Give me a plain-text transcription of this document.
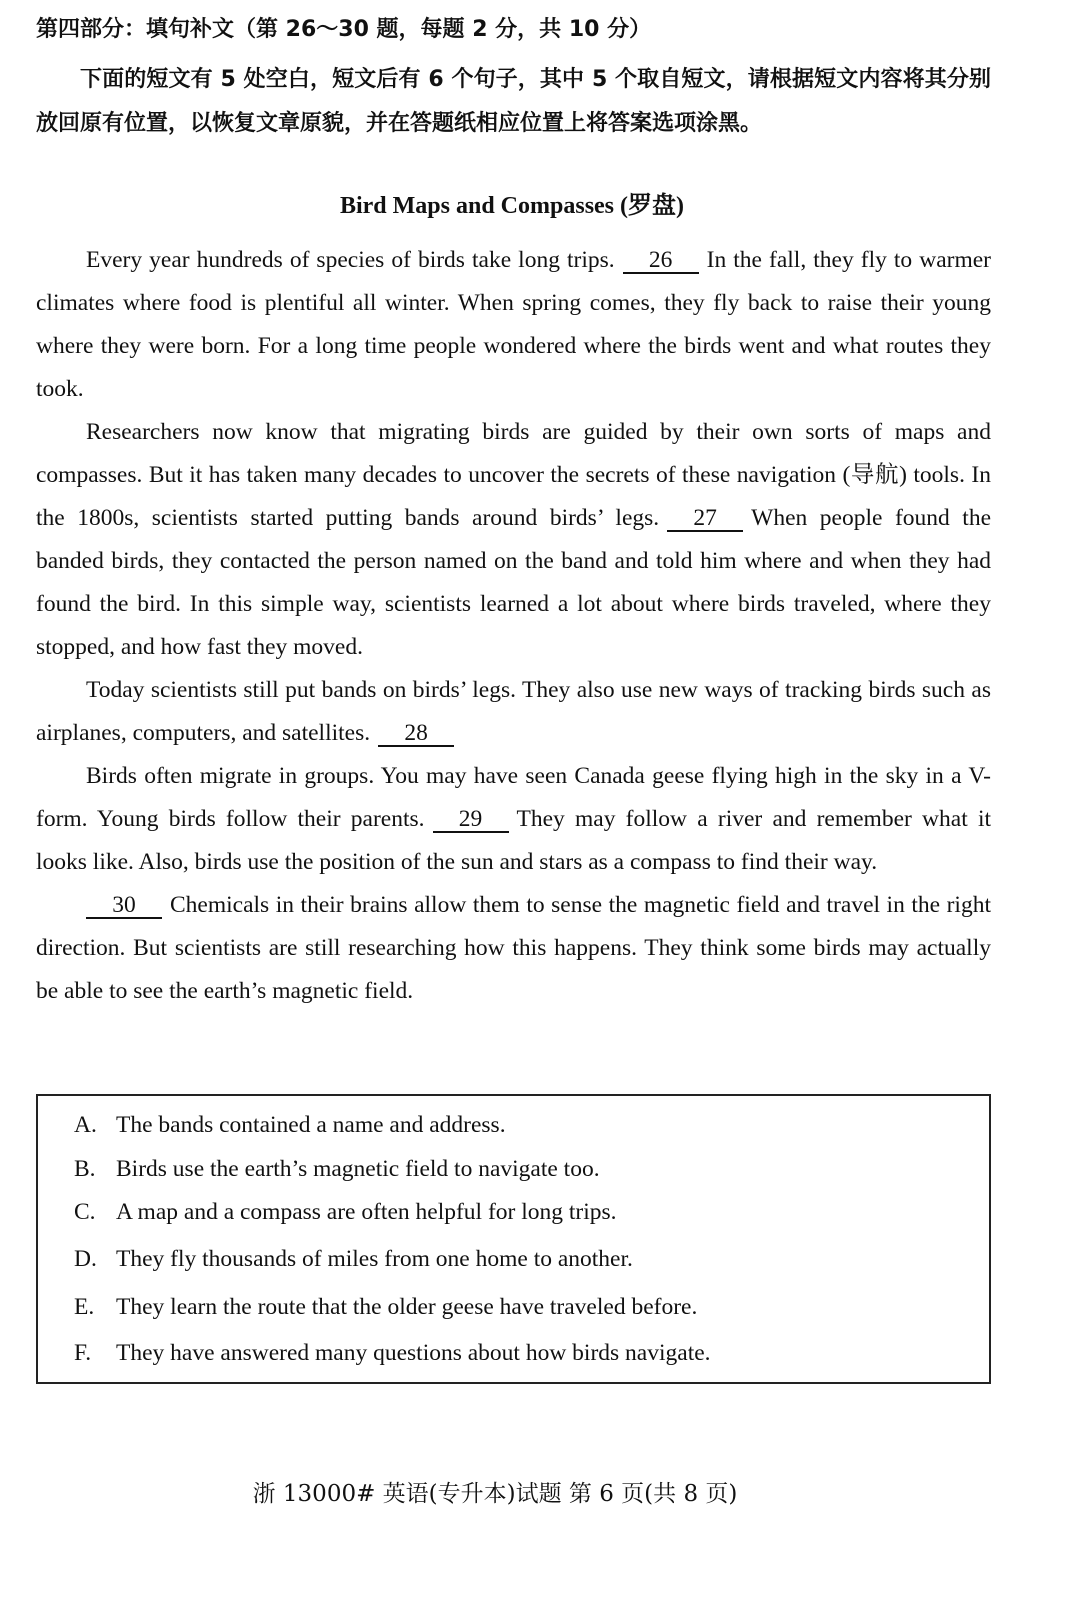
第四部分：填句补文（第 26～30 题，每题 2 分，共 10 分）

下面的短文有 5 处空白，短文后有 6 个句子，其中 5 个取自短文，请根据短文内容将其分别放回原有位置，以恢复文章原貌，并在答题纸相应位置上将答案选项涂黑。

Bird Maps and Compasses (罗盘)

Every year hundreds of species of birds take long trips. 26 In the fall, they fly to warmer climates where food is plentiful all winter. When spring comes, they fly back to raise their young where they were born. For a long time people wondered where the birds went and what routes they took.

Researchers now know that migrating birds are guided by their own sorts of maps and compasses. But it has taken many decades to uncover the secrets of these navigation (导航) tools. In the 1800s, scientists started putting bands around birds’ legs. 27 When people found the banded birds, they contacted the person named on the band and told him where and when they had found the bird. In this simple way, scientists learned a lot about where birds traveled, where they stopped, and how fast they moved.

Today scientists still put bands on birds’ legs. They also use new ways of tracking birds such as airplanes, computers, and satellites. 28

Birds often migrate in groups. You may have seen Canada geese flying high in the sky in a V-form. Young birds follow their parents. 29 They may follow a river and remember what it looks like. Also, birds use the position of the sun and stars as a compass to find their way.

30 Chemicals in their brains allow them to sense the magnetic field and travel in the right direction. But scientists are still researching how this happens. They think some birds may actually be able to see the earth’s magnetic field.

A. The bands contained a name and address.
B. Birds use the earth’s magnetic field to navigate too.
C. A map and a compass are often helpful for long trips.
D. They fly thousands of miles from one home to another.
E. They learn the route that the older geese have traveled before.
F. They have answered many questions about how birds navigate.
浙 13000# 英语(专升本)试题 第 6 页(共 8 页)
